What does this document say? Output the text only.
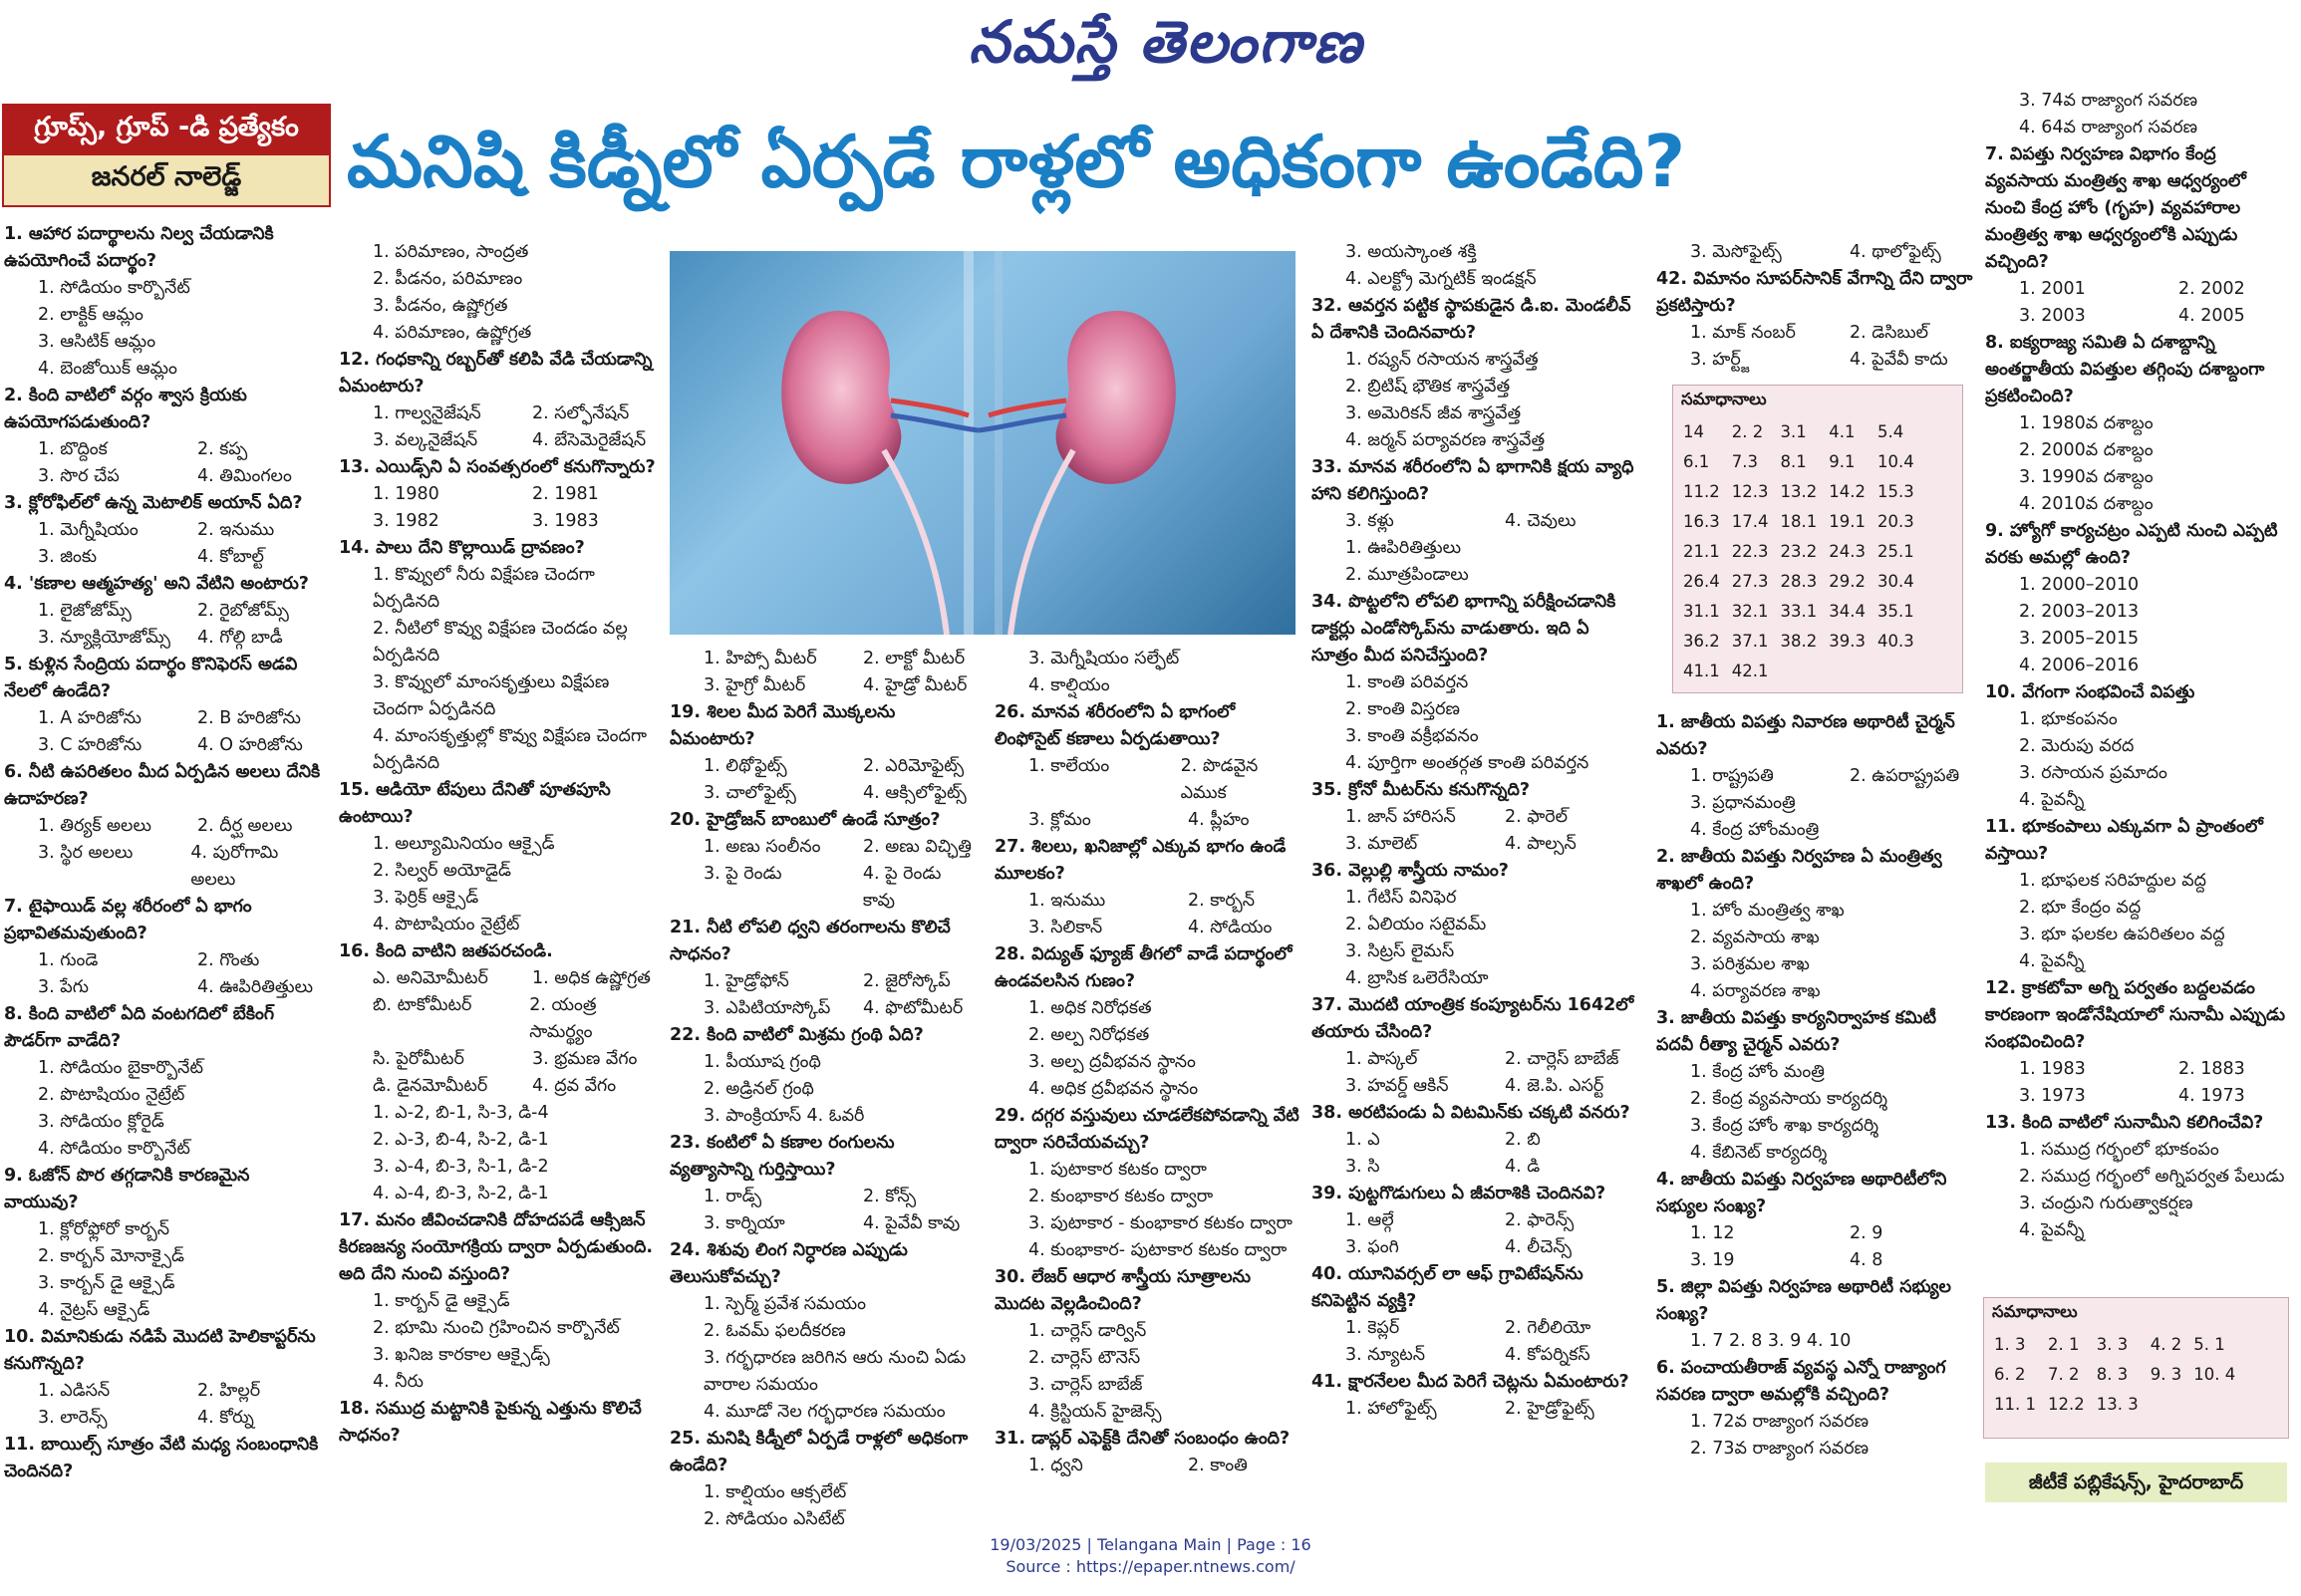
నమస్తే తెలంగాణ
గ్రూప్స్, గ్రూప్ -డి ప్రత్యేకం
జనరల్ నాలెడ్జ్	మనిషి కిడ్నీలో ఏర్పడే రాళ్లలో అధికంగా ఉండేది?
1. ఆహార పదార్థాలను నిల్వ చేయడానికి ఉపయోగించే పదార్థం?
1. సోడియం కార్బొనేట్
2. లాక్టిక్ ఆమ్లం
3. ఆసిటిక్ ఆమ్లం
4. బెంజోయిక్ ఆమ్లం
2. కింది వాటిలో వర్గం శ్వాస క్రియకు ఉపయోగపడుతుంది?
1. బొద్దింక	2. కప్ప
3. సొర చేప	4. తిమింగలం
3. క్లోరోఫిల్‌లో ఉన్న మెటాలిక్ అయాన్ ఏది?
1. మెగ్నీషియం	2. ఇనుము
3. జింకు	4. కోబాల్ట్
4. 'కణాల ఆత్మహత్య' అని వేటిని అంటారు?
1. లైజోజోమ్స్	2. రైబోజోమ్స్
3. న్యూక్లియోజోమ్స్	4. గోల్గి బాడీ
5. కుళ్లిన సేంద్రియ పదార్థం కొనిఫెరస్ అడవి నేలలో ఉండేది?
1. A హరిజోను	2. B హరిజోను
3. C హరిజోను	4. O హరిజోను
6. నీటి ఉపరితలం మీద ఏర్పడిన అలలు దేనికి ఉదాహరణ?
1. తిర్యక్ అలలు	2. దీర్ఘ అలలు
3. స్థిర అలలు	4. పురోగామి అలలు
7. టైఫాయిడ్ వల్ల శరీరంలో ఏ భాగం ప్రభావితమవుతుంది?
1. గుండె	2. గొంతు
3. పేగు	4. ఊపిరితిత్తులు
8. కింది వాటిలో ఏది వంటగదిలో బేకింగ్ పౌడర్‌గా వాడేది?
1. సోడియం బైకార్బొనేట్
2. పొటాషియం నైట్రేట్
3. సోడియం క్లోరైడ్
4. సోడియం కార్బొనేట్
9. ఓజోన్ పొర తగ్గడానికి కారణమైన వాయువు?
1. క్లోరోఫ్లోరో కార్బన్
2. కార్బన్ మోనాక్సైడ్
3. కార్బన్ డై ఆక్సైడ్
4. నైట్రస్ ఆక్సైడ్
10. విమానికుడు నడిపే మొదటి హెలికాప్టర్‌ను కనుగొన్నది?
1. ఎడిసన్	2. హిల్లర్
3. లారెన్స్	4. కోర్ను
11. బాయిల్స్ సూత్రం వేటి మధ్య సంబంధానికి చెందినది?
1. పరిమాణం, సాంద్రత
2. పీడనం, పరిమాణం
3. పీడనం, ఉష్ణోగ్రత
4. పరిమాణం, ఉష్ణోగ్రత
12. గంధకాన్ని రబ్బర్‌తో కలిపి వేడి చేయడాన్ని ఏమంటారు?
1. గాల్వనైజేషన్	2. సల్ఫోనేషన్
3. వల్కనైజేషన్	4. బేసెమెరైజేషన్
13. ఎయిడ్స్‌ని ఏ సంవత్సరంలో కనుగొన్నారు?
1. 1980	2. 1981
3. 1982	3. 1983
14. పాలు దేని కొల్లాయిడ్ ద్రావణం?
1. కొవ్వులో నీరు విక్షేపణ చెందగా ఏర్పడినది
2. నీటిలో కొవ్వు విక్షేపణ చెందడం వల్ల ఏర్పడినది
3. కొవ్వులో మాంసకృత్తులు విక్షేపణ చెందగా ఏర్పడినది
4. మాంసకృత్తుల్లో కొవ్వు విక్షేపణ చెందగా ఏర్పడినది
15. ఆడియో టేపులు దేనితో పూతపూసి ఉంటాయి?
1. అల్యూమినియం ఆక్సైడ్
2. సిల్వర్ అయోడైడ్
3. ఫెర్రిక్ ఆక్సైడ్
4. పొటాషియం నైట్రేట్
16. కింది వాటిని జతపరచండి.
ఎ. అనిమోమీటర్	1. అధిక ఉష్ణోగ్రత
బి. టాకోమీటర్	2. యంత్ర సామర్థ్యం
సి. పైరోమీటర్	3. భ్రమణ వేగం
డి. డైనమోమీటర్	4. ద్రవ వేగం
1. ఎ-2, బి-1, సి-3, డి-4
2. ఎ-3, బి-4, సి-2, డి-1
3. ఎ-4, బి-3, సి-1, డి-2
4. ఎ-4, బి-3, సి-2, డి-1
17. మనం జీవించడానికి దోహదపడే ఆక్సిజన్ కిరణజన్య సంయోగక్రియ ద్వారా ఏర్పడుతుంది. అది దేని నుంచి వస్తుంది?
1. కార్బన్ డై ఆక్సైడ్
2. భూమి నుంచి గ్రహించిన కార్బొనేట్
3. ఖనిజ కారకాల ఆక్సైడ్స్
4. నీరు
18. సముద్ర మట్టానికి పైకున్న ఎత్తును కొలిచే సాధనం?
1. హిప్సో మీటర్	2. లాక్టో మీటర్
3. హైగ్రో మీటర్	4. హైడ్రో మీటర్
19. శిలల మీద పెరిగే మొక్కలను ఏమంటారు?
1. లిథోఫైట్స్	2. ఎరిమోఫైట్స్
3. చాలోఫైట్స్	4. ఆక్సిలోఫైట్స్
20. హైడ్రోజన్ బాంబులో ఉండే సూత్రం?
1. అణు సంలీనం	2. అణు విచ్ఛిత్తి
3. పై రెండు	4. పై రెండు కావు
21. నీటి లోపలి ధ్వని తరంగాలను కొలిచే సాధనం?
1. హైడ్రోఫోన్	2. జైరోస్కోప్
3. ఎపిటియాస్కోప్	4. ఫొటోమీటర్
22. కింది వాటిలో మిశ్రమ గ్రంథి ఏది?
1. పీయూష గ్రంథి
2. అడ్రినల్ గ్రంథి
3. పాంక్రియాస్ 4. ఓవరీ
23. కంటిలో ఏ కణాల రంగులను వ్యత్యాసాన్ని గుర్తిస్తాయి?
1. రాడ్స్	2. కోన్స్
3. కార్నియా	4. పైవేవీ కావు
24. శిశువు లింగ నిర్ధారణ ఎప్పుడు తెలుసుకోవచ్చు?
1. స్పెర్మ్ ప్రవేశ సమయం
2. ఓవమ్ ఫలదీకరణ
3. గర్భధారణ జరిగిన ఆరు నుంచి ఏడు వారాల సమయం
4. మూడో నెల గర్భధారణ సమయం
25. మనిషి కిడ్నీలో ఏర్పడే రాళ్లలో అధికంగా ఉండేది?
1. కాల్షియం ఆక్సలేట్
2. సోడియం ఎసిటేట్
3. మెగ్నీషియం సల్ఫేట్
4. కాల్షియం
26. మానవ శరీరంలోని ఏ భాగంలో లింఫోసైట్ కణాలు ఏర్పడుతాయి?
1. కాలేయం	2. పొడవైన ఎముక
3. క్లోమం	4. ప్లీహం
27. శిలలు, ఖనిజాల్లో ఎక్కువ భాగం ఉండే మూలకం?
1. ఇనుము	2. కార్బన్
3. సిలికాన్	4. సోడియం
28. విద్యుత్ ఫ్యూజ్ తీగలో వాడే పదార్థంలో ఉండవలసిన గుణం?
1. అధిక నిరోధకత
2. అల్ప నిరోధకత
3. అల్ప ద్రవీభవన స్థానం
4. అధిక ద్రవీభవన స్థానం
29. దగ్గర వస్తువులు చూడలేకపోవడాన్ని వేటి ద్వారా సరిచేయవచ్చు?
1. పుటాకార కటకం ద్వారా
2. కుంభాకార కటకం ద్వారా
3. పుటాకార - కుంభాకార కటకం ద్వారా
4. కుంభాకార- పుటాకార కటకం ద్వారా
30. లేజర్ ఆధార శాస్త్రీయ సూత్రాలను మొదట వెల్లడించింది?
1. చార్లెస్ డార్విన్
2. చార్లెస్ టౌనెస్
3. చార్లెస్ బాబేజ్
4. క్రిస్టియన్ హైజెన్స్
31. డాప్లర్ ఎఫెక్ట్‌కి దేనితో సంబంధం ఉంది?
1. ధ్వని	2. కాంతి
3. అయస్కాంత శక్తి
4. ఎలక్ట్రో మెగ్నటిక్ ఇండక్షన్
32. ఆవర్తన పట్టిక స్థాపకుడైన డి.ఐ. మెండలీవ్ ఏ దేశానికి చెందినవారు?
1. రష్యన్ రసాయన శాస్త్రవేత్త
2. బ్రిటిష్ భౌతిక శాస్త్రవేత్త
3. అమెరికన్ జీవ శాస్త్రవేత్త
4. జర్మన్ పర్యావరణ శాస్త్రవేత్త
33. మానవ శరీరంలోని ఏ భాగానికి క్షయ వ్యాధి హాని కలిగిస్తుంది?
3. కళ్లు	4. చెవులు
1. ఊపిరితిత్తులు
2. మూత్రపిండాలు
34. పొట్టలోని లోపలి భాగాన్ని పరీక్షించడానికి డాక్టర్లు ఎండోస్కోప్‌ను వాడుతారు. ఇది ఏ సూత్రం మీద పనిచేస్తుంది?
1. కాంతి పరివర్తన
2. కాంతి విస్తరణ
3. కాంతి వక్రీభవనం
4. పూర్తిగా అంతర్గత కాంతి పరివర్తన
35. క్రోనో మీటర్‌ను కనుగొన్నది?
1. జాన్ హారిసన్	2. ఫారెల్
3. మాలెట్	4. పాల్సన్
36. వెల్లుల్లి శాస్త్రీయ నామం?
1. గేటిస్ వినిఫెర
2. ఏలియం సటైవమ్
3. సిట్రస్ లైమస్
4. బ్రాసిక ఒలెరేసియా
37. మొదటి యాంత్రిక కంప్యూటర్‌ను 1642లో తయారు చేసింది?
1. పాస్కల్	2. చార్లెస్ బాబేజ్
3. హవర్డ్ ఆకిన్	4. జె.పి. ఎసర్ట్
38. అరటిపండు ఏ విటమిన్‌కు చక్కటి వనరు?
1. ఎ	2. బి
3. సి	4. డి
39. పుట్టగొడుగులు ఏ జీవరాశికి చెందినవి?
1. ఆల్గే	2. ఫారెన్స్
3. ఫంగి	4. లీచెన్స్
40. యూనివర్సల్ లా ఆఫ్ గ్రావిటేషన్‌ను కనిపెట్టిన వ్యక్తి?
1. కెప్లర్	2. గెలీలియో
3. న్యూటన్	4. కోపర్నికస్
41. క్షారనేలల మీద పెరిగే చెట్లను ఏమంటారు?
1. హాలోఫైట్స్	2. హైడ్రోఫైట్స్
3. మెసోఫైట్స్	4. థాలోఫైట్స్
42. విమానం సూపర్‌సానిక్ వేగాన్ని దేని ద్వారా ప్రకటిస్తారు?
1. మాక్ నంబర్	2. డెసిబుల్
3. హర్ట్జ్	4. పైవేవీ కాదు
సమాధానాలు
14	2. 2	3.1	4.1	5.4
6.1	7.3	8.1	9.1	10.4
11.2	12.3	13.2	14.2	15.3
16.3	17.4	18.1	19.1	20.3
21.1	22.3	23.2	24.3	25.1
26.4	27.3	28.3	29.2	30.4
31.1	32.1	33.1	34.4	35.1
36.2	37.1	38.2	39.3	40.3
41.1	42.1			
1. జాతీయ విపత్తు నివారణ అథారిటీ చైర్మన్ ఎవరు?
1. రాష్ట్రపతి	2. ఉపరాష్ట్రపతి
3. ప్రధానమంత్రి
4. కేంద్ర హోంమంత్రి
2. జాతీయ విపత్తు నిర్వహణ ఏ మంత్రిత్వ శాఖలో ఉంది?
1. హోం మంత్రిత్వ శాఖ
2. వ్యవసాయ శాఖ
3. పరిశ్రమల శాఖ
4. పర్యావరణ శాఖ
3. జాతీయ విపత్తు కార్యనిర్వాహక కమిటీ పదవీ రీత్యా చైర్మన్ ఎవరు?
1. కేంద్ర హోం మంత్రి
2. కేంద్ర వ్యవసాయ కార్యదర్శి
3. కేంద్ర హోం శాఖ కార్యదర్శి
4. కేబినెట్ కార్యదర్శి
4. జాతీయ విపత్తు నిర్వహణ అథారిటీలోని సభ్యుల సంఖ్య?
1. 12	2. 9
3. 19	4. 8
5. జిల్లా విపత్తు నిర్వహణ అథారిటీ సభ్యుల సంఖ్య?
1. 7 2. 8 3. 9 4. 10
6. పంచాయతీరాజ్ వ్యవస్థ ఎన్నో రాజ్యాంగ సవరణ ద్వారా అమల్లోకి వచ్చింది?
1. 72వ రాజ్యాంగ సవరణ
2. 73వ రాజ్యాంగ సవరణ
3. 74వ రాజ్యాంగ సవరణ
4. 64వ రాజ్యాంగ సవరణ
7. విపత్తు నిర్వహణ విభాగం కేంద్ర వ్యవసాయ మంత్రిత్వ శాఖ ఆధ్వర్యంలో నుంచి కేంద్ర హోం (గృహ) వ్యవహారాల మంత్రిత్వ శాఖ ఆధ్వర్యంలోకి ఎప్పుడు వచ్చింది?
1. 2001	2. 2002
3. 2003	4. 2005
8. ఐక్యరాజ్య సమితి ఏ దశాబ్దాన్ని అంతర్జాతీయ విపత్తుల తగ్గింపు దశాబ్దంగా ప్రకటించింది?
1. 1980వ దశాబ్దం
2. 2000వ దశాబ్దం
3. 1990వ దశాబ్దం
4. 2010వ దశాబ్దం
9. హ్యోగో కార్యచట్రం ఎప్పటి నుంచి ఎప్పటి వరకు అమల్లో ఉంది?
1. 2000–2010
2. 2003–2013
3. 2005–2015
4. 2006–2016
10. వేగంగా సంభవించే విపత్తు
1. భూకంపనం
2. మెరుపు వరద
3. రసాయన ప్రమాదం
4. పైవన్నీ
11. భూకంపాలు ఎక్కువగా ఏ ప్రాంతంలో వస్తాయి?
1. భూఫలక సరిహద్దుల వద్ద
2. భూ కేంద్రం వద్ద
3. భూ ఫలకల ఉపరితలం వద్ద
4. పైవన్నీ
12. క్రాకటోవా అగ్ని పర్వతం బద్దలవడం కారణంగా ఇండోనేషియాలో సునామీ ఎప్పుడు సంభవించింది?
1. 1983	2. 1883
3. 1973	4. 1973
13. కింది వాటిలో సునామీని కలిగించేవి?
1. సముద్ర గర్భంలో భూకంపం
2. సముద్ర గర్భంలో అగ్నిపర్వత పేలుడు
3. చంద్రుని గురుత్వాకర్షణ
4. పైవన్నీ
సమాధానాలు
1. 3	2. 1	3. 3	4. 2	5. 1
6. 2	7. 2	8. 3	9. 3	10. 4
11. 1	12.2	13. 3		
జీటీకే పబ్లికేషన్స్, హైదరాబాద్
19/03/2025 | Telangana Main | Page : 16
Source : https://epaper.ntnews.com/
